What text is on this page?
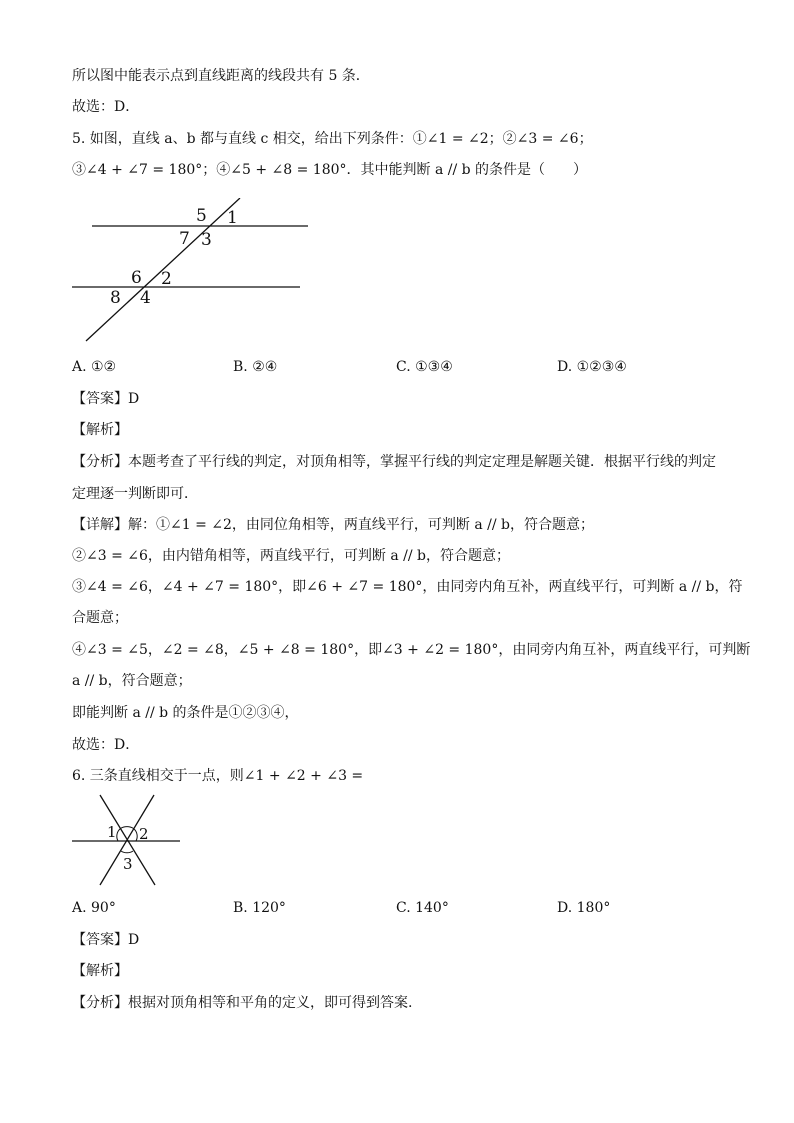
所以图中能表示点到直线距离的线段共有 5 条．
故选：D．
5. 如图，直线 a、b 都与直线 c 相交，给出下列条件：①∠1 = ∠2；②∠3 = ∠6；
③∠4 + ∠7 = 180°；④∠5 + ∠8 = 180°．其中能判断 a // b 的条件是（　　）
5 1
7 3
6 2
8 4
A. ①②	B. ②④	C. ①③④	D. ①②③④
【答案】D
【解析】
【分析】本题考查了平行线的判定，对顶角相等，掌握平行线的判定定理是解题关键．根据平行线的判定
定理逐一判断即可．
【详解】解：①∠1 = ∠2，由同位角相等，两直线平行，可判断 a // b，符合题意；
②∠3 = ∠6，由内错角相等，两直线平行，可判断 a // b，符合题意；
③∠4 = ∠6，∠4 + ∠7 = 180°，即∠6 + ∠7 = 180°，由同旁内角互补，两直线平行，可判断 a // b，符
合题意；
④∠3 = ∠5，∠2 = ∠8，∠5 + ∠8 = 180°，即∠3 + ∠2 = 180°，由同旁内角互补，两直线平行，可判断
a // b，符合题意；
即能判断 a // b 的条件是①②③④，
故选：D．
6. 三条直线相交于一点，则∠1 + ∠2 + ∠3 =
1 2
3
A. 90°	B. 120°	C. 140°	D. 180°
【答案】D
【解析】
【分析】根据对顶角相等和平角的定义，即可得到答案.
